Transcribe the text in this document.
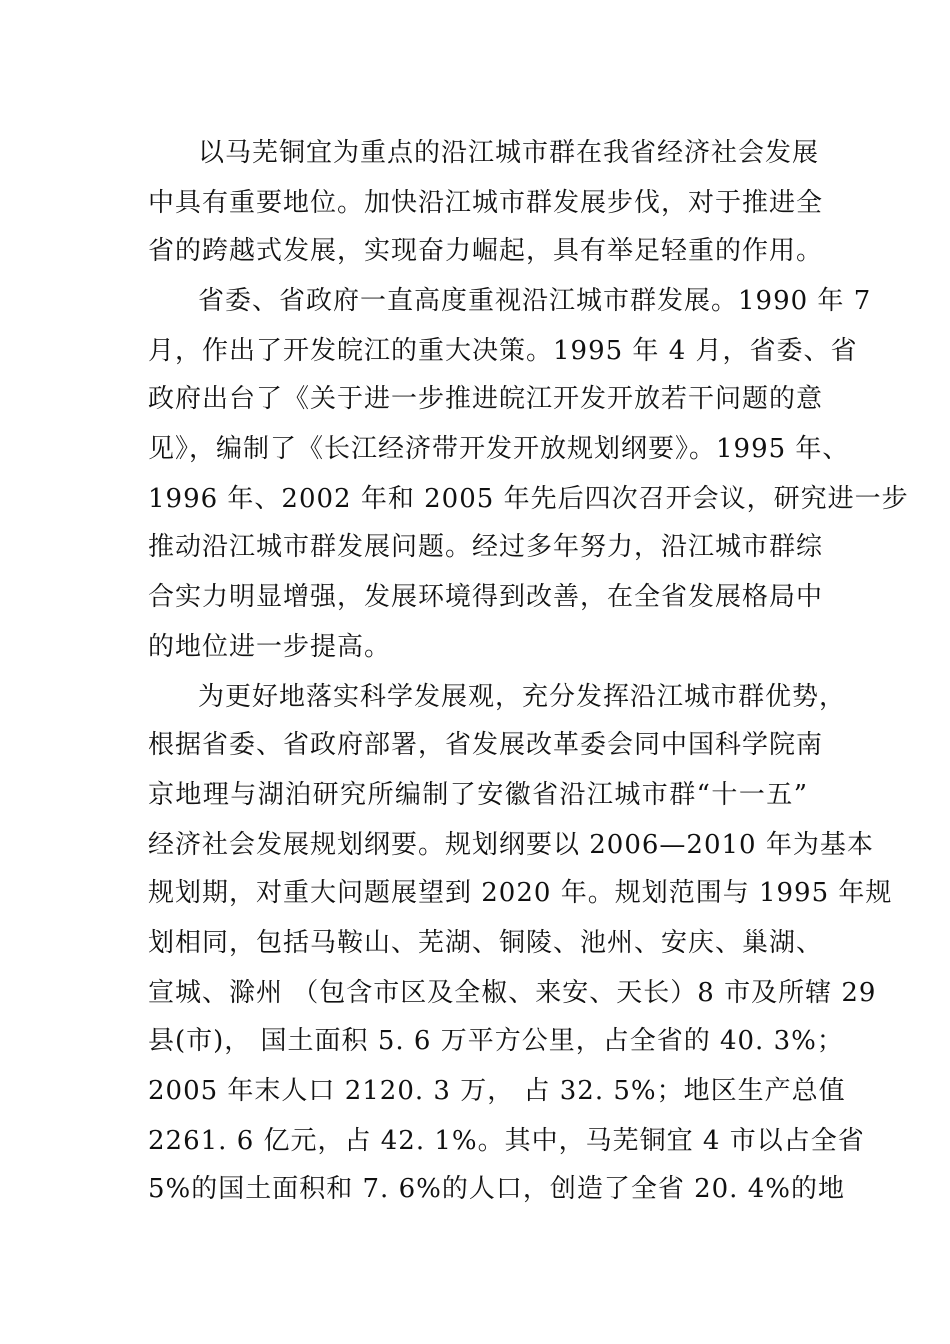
以马芜铜宜为重点的沿江城市群在我省经济社会发展
中具有重要地位。加快沿江城市群发展步伐，对于推进全
省的跨越式发展，实现奋力崛起，具有举足轻重的作用。
省委、省政府一直高度重视沿江城市群发展。1990 年 7
月，作出了开发皖江的重大决策。1995 年 4 月，省委、省
政府出台了《关于进一步推进皖江开发开放若干问题的意
见》，编制了《长江经济带开发开放规划纲要》。1995 年、
1996 年、2002 年和 2005 年先后四次召开会议，研究进一步
推动沿江城市群发展问题。经过多年努力，沿江城市群综
合实力明显增强，发展环境得到改善，在全省发展格局中
的地位进一步提高。
为更好地落实科学发展观，充分发挥沿江城市群优势，
根据省委、省政府部署，省发展改革委会同中国科学院南
京地理与湖泊研究所编制了安徽省沿江城市群“十一五”
经济社会发展规划纲要。规划纲要以 2006—2010 年为基本
规划期，对重大问题展望到 2020 年。规划范围与 1995 年规
划相同，包括马鞍山、芜湖、铜陵、池州、安庆、巢湖、
宣城、滁州 （包含市区及全椒、来安、天长）8 市及所辖 29
县(市)， 国土面积 5. 6 万平方公里，占全省的 40. 3%；
2005 年末人口 2120. 3 万， 占 32. 5%；地区生产总值
2261. 6 亿元，占 42. 1%。其中，马芜铜宜 4 市以占全省
5%的国土面积和 7. 6%的人口，创造了全省 20. 4%的地
